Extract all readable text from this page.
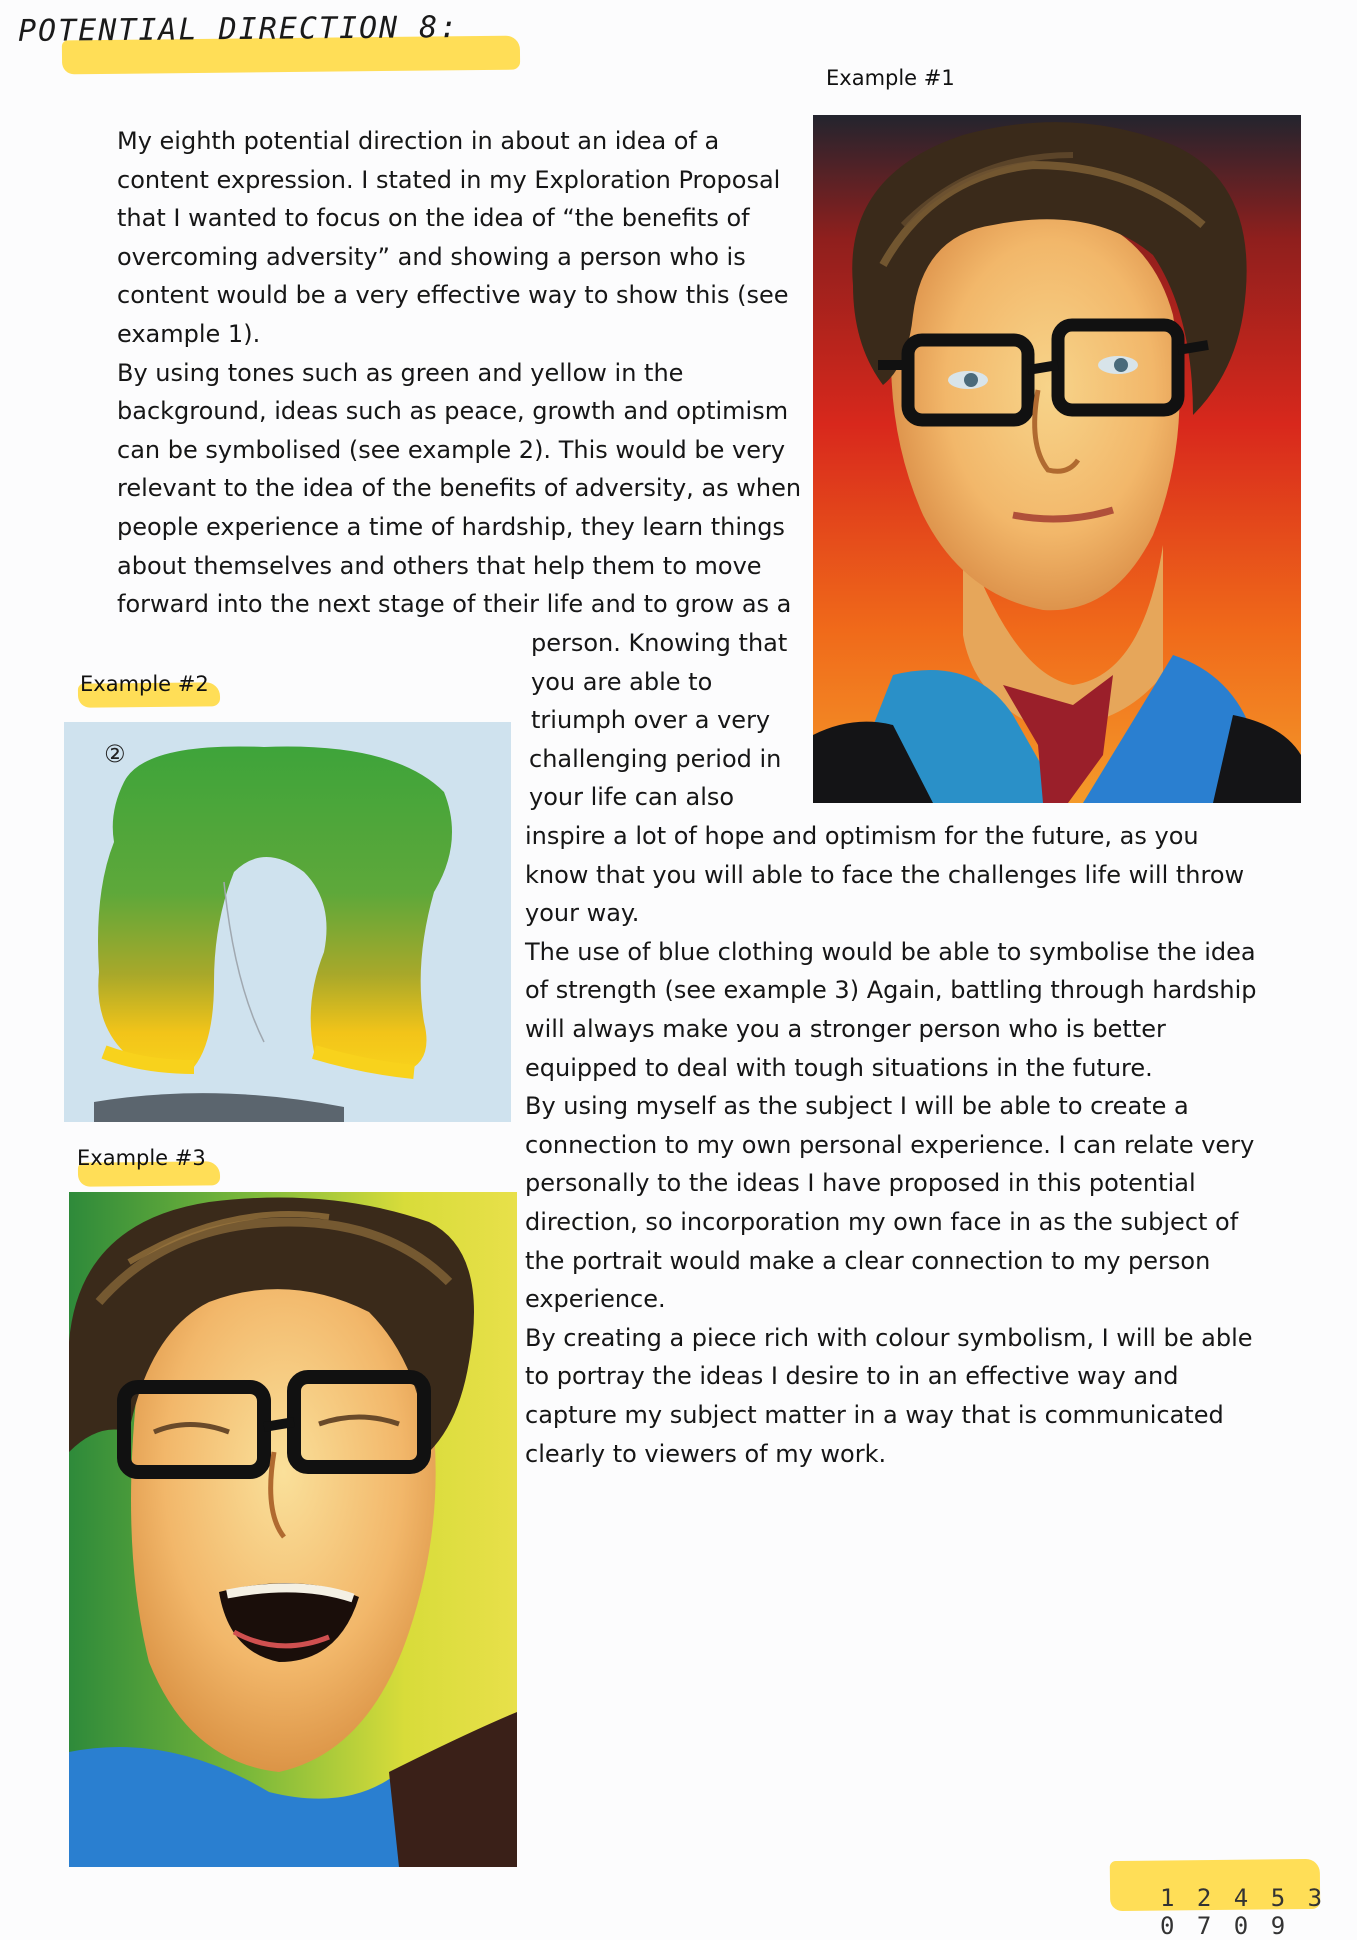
POTENTIAL DIRECTION 8:
Example #1
Example #2
Example #3
②
My eighth potential direction in about an idea of a
content expression. I stated in my Exploration Proposal
that I wanted to focus on the idea of “the benefits of
overcoming adversity” and showing a person who is
content would be a very effective way to show this (see
example 1).
By using tones such as green and yellow in the
background, ideas such as peace, growth and optimism
can be symbolised (see example 2). This would be very
relevant to the idea of the benefits of adversity, as when
people experience a time of hardship, they learn things
about themselves and others that help them to move
forward into the next stage of their life and to grow as a
person. Knowing that
you are able to
triumph over a very
challenging period in
your life can also
inspire a lot of hope and optimism for the future, as you
know that you will able to face the challenges life will throw
your way.
The use of blue clothing would be able to symbolise the idea
of strength (see example 3) Again, battling through hardship
will always make you a stronger person who is better
equipped to deal with tough situations in the future.
By using myself as the subject I will be able to create a
connection to my own personal experience. I can relate very
personally to the ideas I have proposed in this potential
direction, so incorporation my own face in as the subject of
the portrait would make a clear connection to my person
experience.
By creating a piece rich with colour symbolism, I will be able
to portray the ideas I desire to in an effective way and
capture my subject matter in a way that is communicated
clearly to viewers of my work.
1 2 4 5 3 0 7 0 9
